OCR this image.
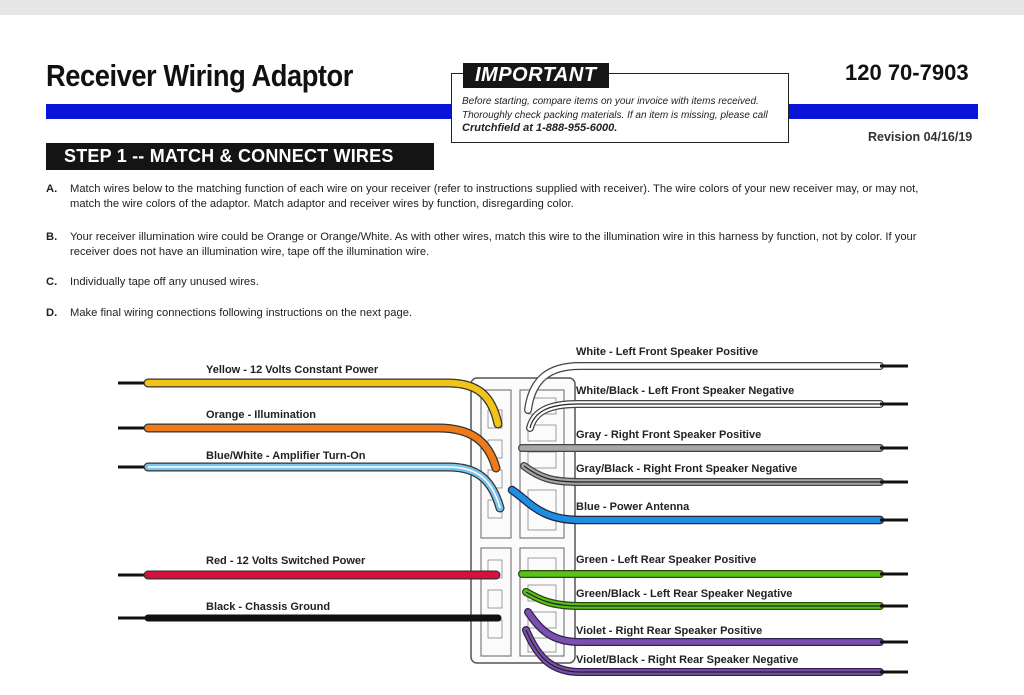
Receiver Wiring Adaptor	120 70-7903
Revision 04/16/19
IMPORTANT
Before starting, compare items on your invoice with items received. Thoroughly check packing materials. If an item is missing, please call Crutchfield at 1-888-955-6000.
STEP 1 -- MATCH & CONNECT WIRES
A. Match wires below to the matching function of each wire on your receiver (refer to instructions supplied with receiver). The wire colors of your new receiver may, or may not, match the wire colors of the adaptor. Match adaptor and receiver wires by function, disregarding color.
B. Your receiver illumination wire could be Orange or Orange/White. As with other wires, match this wire to the illumination wire in this harness by function, not by color. If your receiver does not have an illumination wire, tape off the illumination wire.
C. Individually tape off any unused wires.
D. Make final wiring connections following instructions on the next page.
Yellow - 12 Volts Constant Power
Orange - Illumination
Blue/White - Amplifier Turn-On
Red - 12 Volts Switched Power
Black - Chassis Ground
White - Left Front Speaker Positive
White/Black - Left Front Speaker Negative
Gray - Right Front Speaker Positive
Gray/Black - Right Front Speaker Negative
Blue - Power Antenna
Green - Left Rear Speaker Positive
Green/Black - Left Rear Speaker Negative
Violet - Right Rear Speaker Positive
Violet/Black - Right Rear Speaker Negative
